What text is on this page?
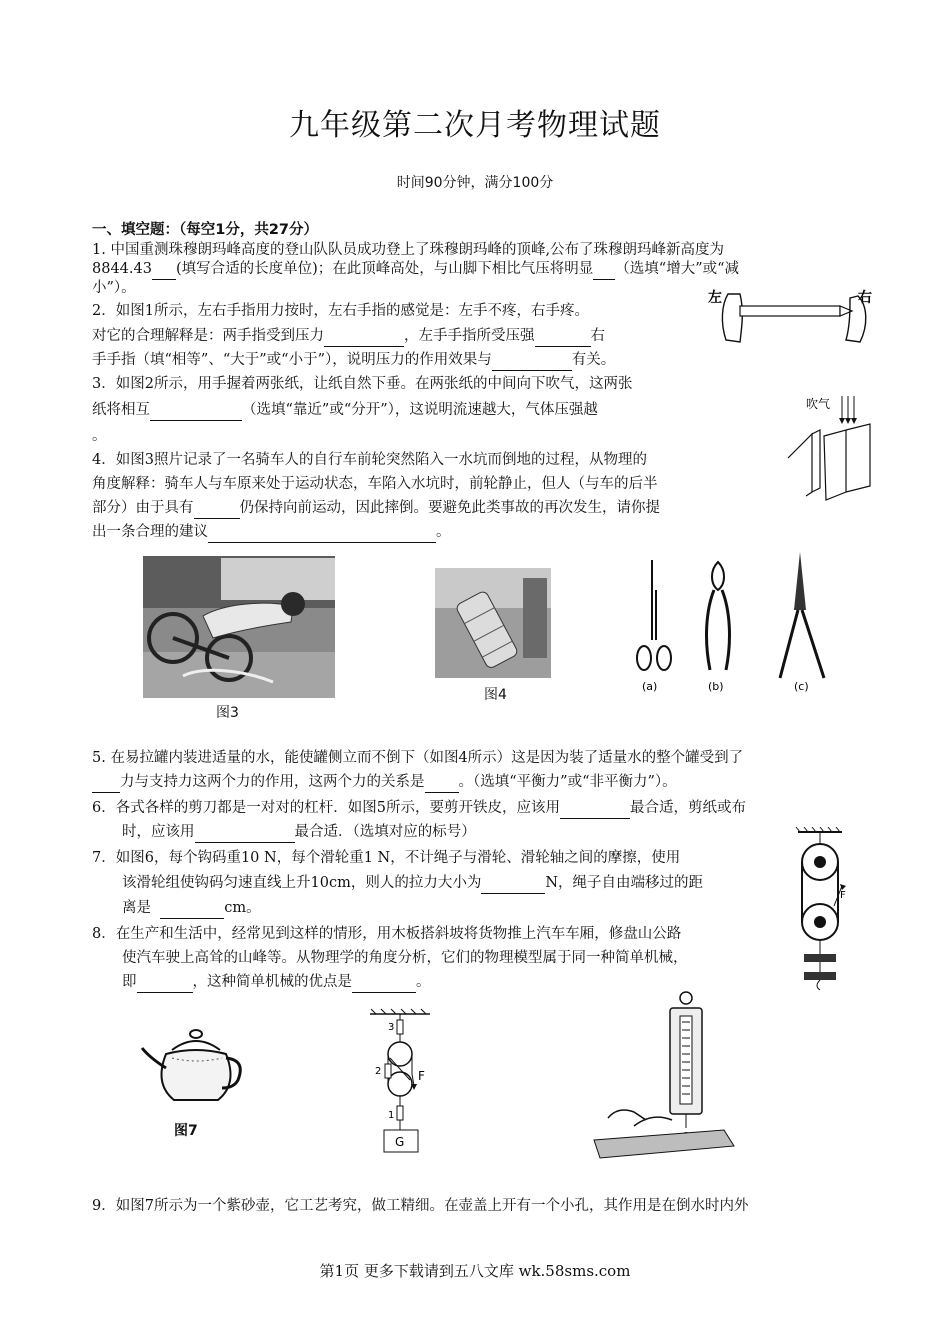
九年级第二次月考物理试题
时间90分钟，满分100分
一、填空题：（每空1分，共27分）
1. 中国重测珠穆朗玛峰高度的登山队队员成功登上了珠穆朗玛峰的顶峰,公布了珠穆朗玛峰新高度为
8844.43 (填写合适的长度单位)；在此顶峰高处，与山脚下相比气压将明显 （选填“增大”或“减
小”）。
2．如图1所示，左右手指用力按时，左右手指的感觉是：左手不疼，右手疼。
对它的合理解释是：两手指受到压力	，左手手指所受压强	右
手手指（填“相等”、“大于”或“小于”），说明压力的作用效果与	有关。
左	右
3．如图2所示，用手握着两张纸，让纸自然下垂。在两张纸的中间向下吹气，这两张
纸将相互	（选填“靠近”或“分开”），这说明流速越大，气体压强越
。
吹气
4．如图3照片记录了一名骑车人的自行车前轮突然陷入一水坑而倒地的过程，从物理的
角度解释：骑车人与车原来处于运动状态，车陷入水坑时，前轮静止，但人（与车的后半
部分）由于具有	仍保持向前运动，因此摔倒。要避免此类事故的再次发生，请你提
出一条合理的建议	。
图3
图4
(a)	(b)	(c)
5. 在易拉罐内装进适量的水，能使罐侧立而不倒下（如图4所示）这是因为装了适量水的整个罐受到了
力与支持力这两个力的作用，这两个力的关系是 。（选填“平衡力”或“非平衡力”）。
6．各式各样的剪刀都是一对对的杠杆．如图5所示，要剪开铁皮，应该用	最合适，剪纸或布
时，应该用	最合适．（选填对应的标号）
7．如图6，每个钩码重10 N，每个滑轮重1 N，不计绳子与滑轮、滑轮轴之间的摩擦，使用
该滑轮组使钩码匀速直线上升10cm，则人的拉力大小为	N，绳子自由端移过的距
离是	cm。
F
8．在生产和生活中，经常见到这样的情形，用木板搭斜坡将货物推上汽车车厢，修盘山公路
使汽车驶上高耸的山峰等。从物理学的角度分析，它们的物理模型属于同一种简单机械，
即	，这种简单机械的优点是	。
图7
3
2	F
1
G
9．如图7所示为一个紫砂壶，它工艺考究，做工精细。在壶盖上开有一个小孔，其作用是在倒水时内外
第1页 更多下载请到五八文库 wk.58sms.com
